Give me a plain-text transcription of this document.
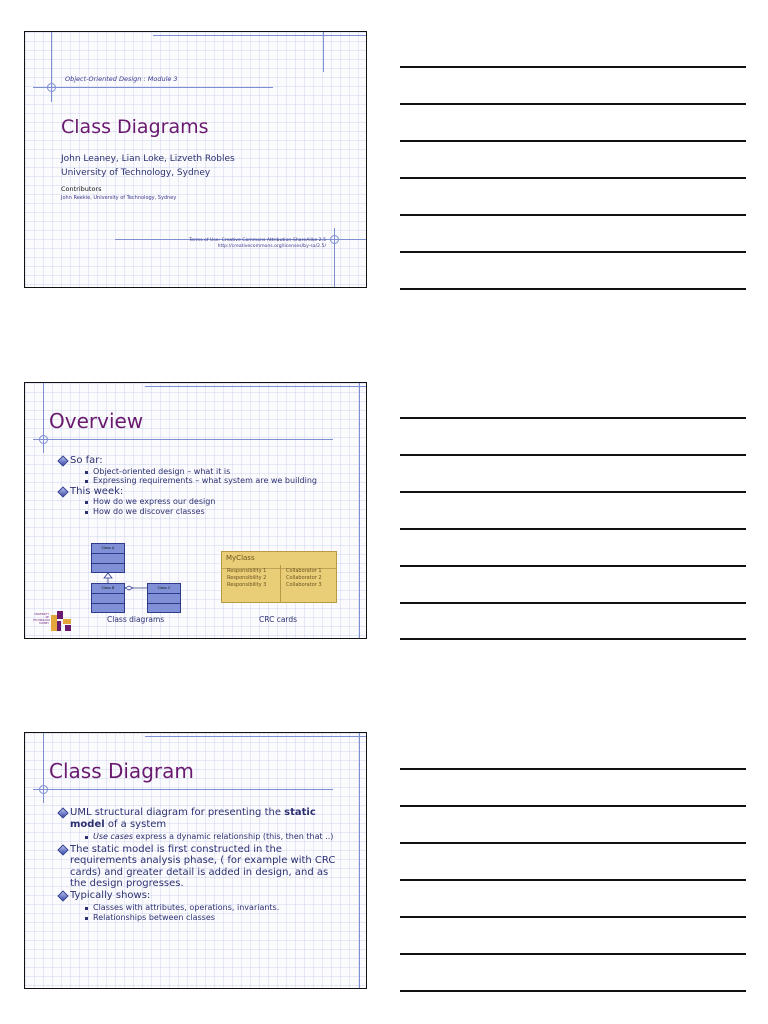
Object-Oriented Design : Module 3
Class Diagrams
John Leaney, Lian Loke, Lizveth Robles
University of Technology, Sydney
Contributors
John Reekie, University of Technology, Sydney
Terms of Use: Creative Commons Attribution-ShareAlike 2.5
http://creativecommons.org/licenses/by-sa/2.5/
Overview
So far:
Object-oriented design – what it is
Expressing requirements – what system are we building
This week:
How do we express our design
How do we discover classes
Class A
Class B	Class C
MyClass
Responsibility 1
Responsibility 2
Responsibility 3
Collaborator 1
Collaborator 2
Collaborator 3
Class diagrams	CRC cards
UNIVERSITY
OF
TECHNOLOGY
SYDNEY
Class Diagram
UML structural diagram for presenting the static model of a system
Use cases express a dynamic relationship (this, then that ..)
The static model is first constructed in the requirements analysis phase, ( for example with CRC cards) and greater detail is added in design, and as the design progresses.
Typically shows:
Classes with attributes, operations, invariants.
Relationships between classes
